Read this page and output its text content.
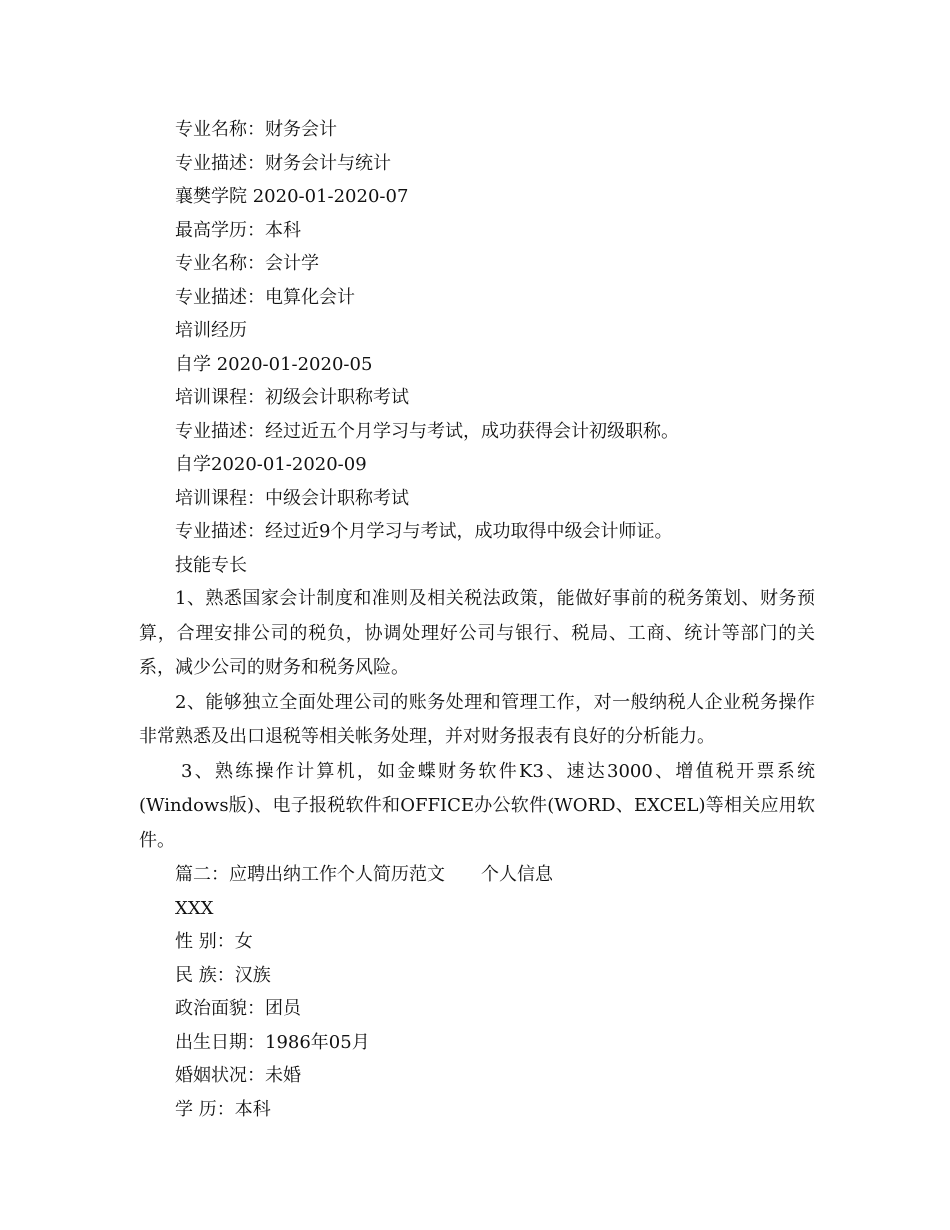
专业名称：财务会计
专业描述：财务会计与统计
襄樊学院 2020-01-2020-07
最高学历：本科
专业名称：会计学
专业描述：电算化会计
培训经历
自学 2020-01-2020-05
培训课程：初级会计职称考试
专业描述：经过近五个月学习与考试，成功获得会计初级职称。
自学2020-01-2020-09
培训课程：中级会计职称考试
专业描述：经过近9个月学习与考试，成功取得中级会计师证。
技能专长

1、熟悉国家会计制度和准则及相关税法政策，能做好事前的税务策划、财务预算，合理安排公司的税负，协调处理好公司与银行、税局、工商、统计等部门的关系，减少公司的财务和税务风险。

2、能够独立全面处理公司的账务处理和管理工作，对一般纳税人企业税务操作非常熟悉及出口退税等相关帐务处理，并对财务报表有良好的分析能力。

3、熟练操作计算机，如金蝶财务软件K3、速达3000、增值税开票系统(Windows版)、电子报税软件和OFFICE办公软件(WORD、EXCEL)等相关应用软件。

篇二：应聘出纳工作个人简历范文 个人信息
XXX
性 别：女
民 族：汉族
政治面貌：团员
出生日期：1986年05月
婚姻状况：未婚
学 历：本科
